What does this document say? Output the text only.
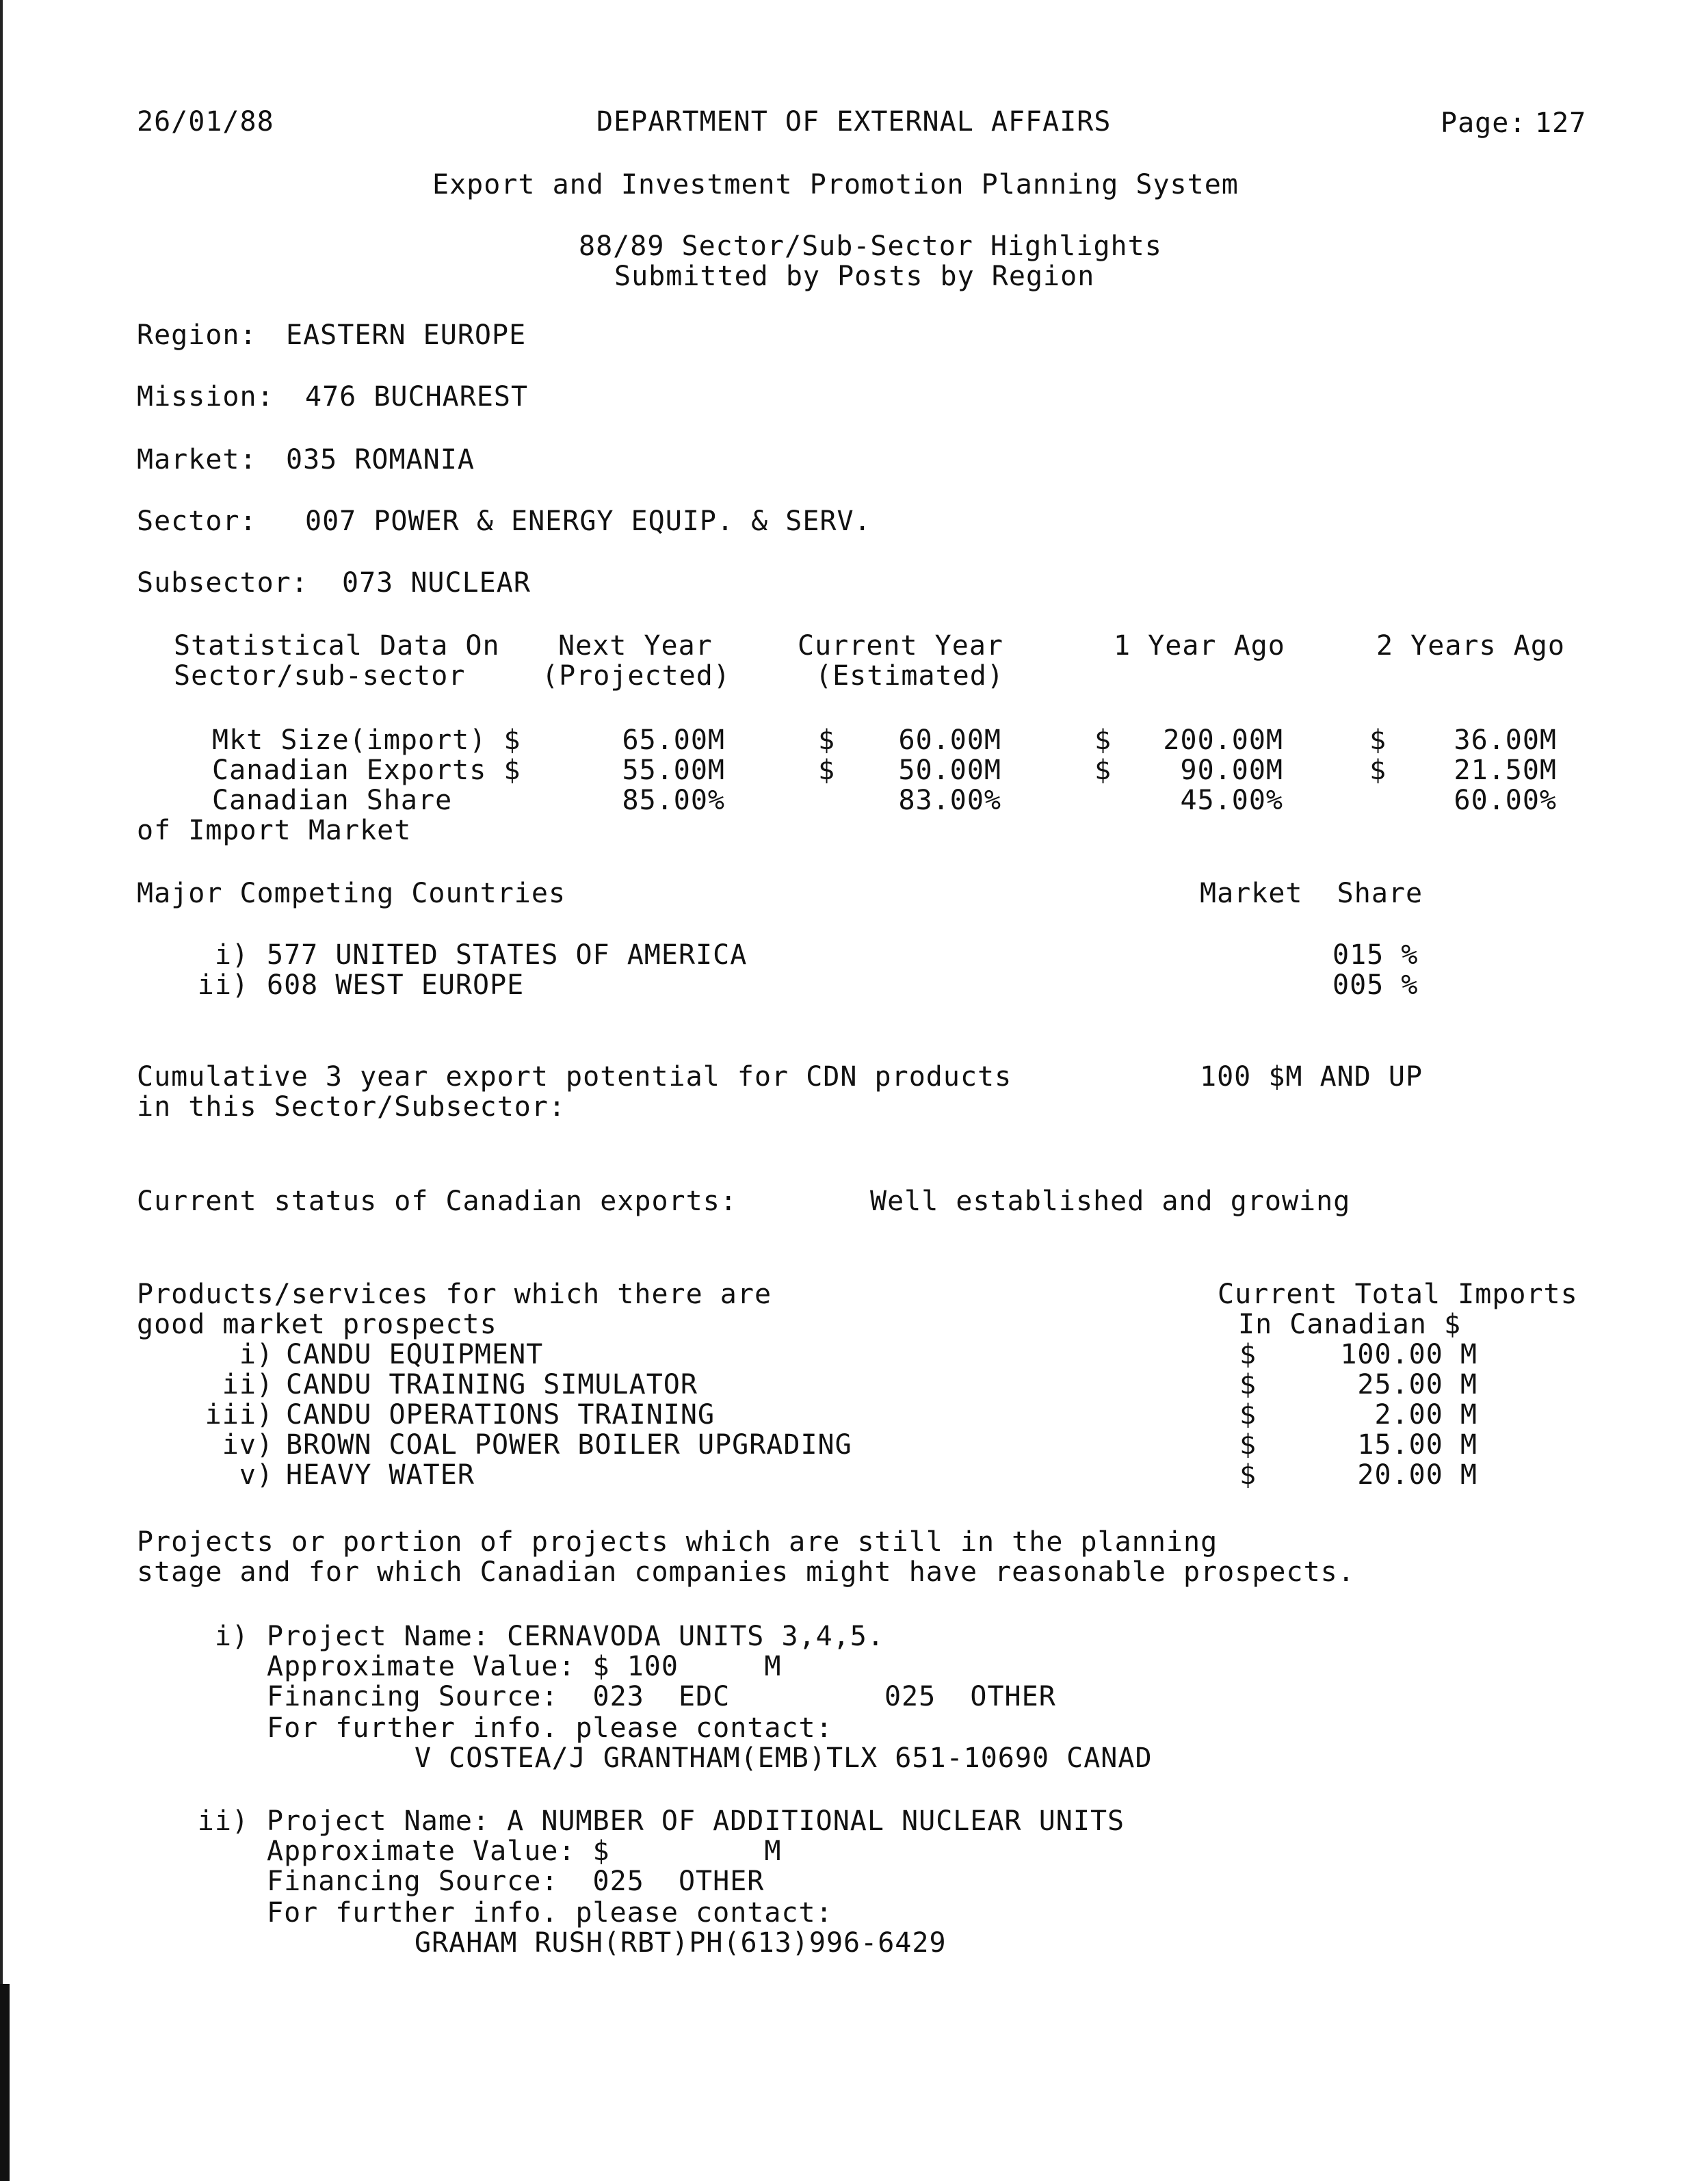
26/01/88	DEPARTMENT OF EXTERNAL AFFAIRS	Page: 127
Export and Investment Promotion Planning System
88/89 Sector/Sub-Sector Highlights
Submitted by Posts by Region
Region: EASTERN EUROPE
Mission: 476 BUCHAREST
Market: 035 ROMANIA
Sector: 007 POWER & ENERGY EQUIP. & SERV.
Subsector: 073 NUCLEAR
Statistical Data On
Sector/sub-sector
Next Year
(Projected)
Current Year
(Estimated)
1 Year Ago	2 Years Ago
Mkt Size(import) $	65.00M	$	60.00M	$	200.00M	$	36.00M
Canadian Exports $	55.00M	$	50.00M	$	90.00M	$	21.50M
Canadian Share	85.00%	83.00%	45.00%	60.00%
of Import Market
Major Competing Countries	Market  Share
i) 577 UNITED STATES OF AMERICA	015 %
ii) 608 WEST EUROPE	005 %
Cumulative 3 year export potential for CDN products
in this Sector/Subsector:
100 $M AND UP
Current status of Canadian exports:	Well established and growing
Products/services for which there are
good market prospects
Current Total Imports
In Canadian $
i) CANDU EQUIPMENT	$	100.00 M
ii) CANDU TRAINING SIMULATOR	$	25.00 M
iii) CANDU OPERATIONS TRAINING	$	2.00 M
iv) BROWN COAL POWER BOILER UPGRADING	$	15.00 M
v) HEAVY WATER	$	20.00 M
Projects or portion of projects which are still in the planning
stage and for which Canadian companies might have reasonable prospects.
i) Project Name: CERNAVODA UNITS 3,4,5.
Approximate Value: $ 100     M
Financing Source:  023  EDC         025  OTHER
For further info. please contact:
V COSTEA/J GRANTHAM(EMB)TLX 651-10690 CANAD
ii) Project Name: A NUMBER OF ADDITIONAL NUCLEAR UNITS
Approximate Value: $         M
Financing Source:  025  OTHER
For further info. please contact:
GRAHAM RUSH(RBT)PH(613)996-6429
